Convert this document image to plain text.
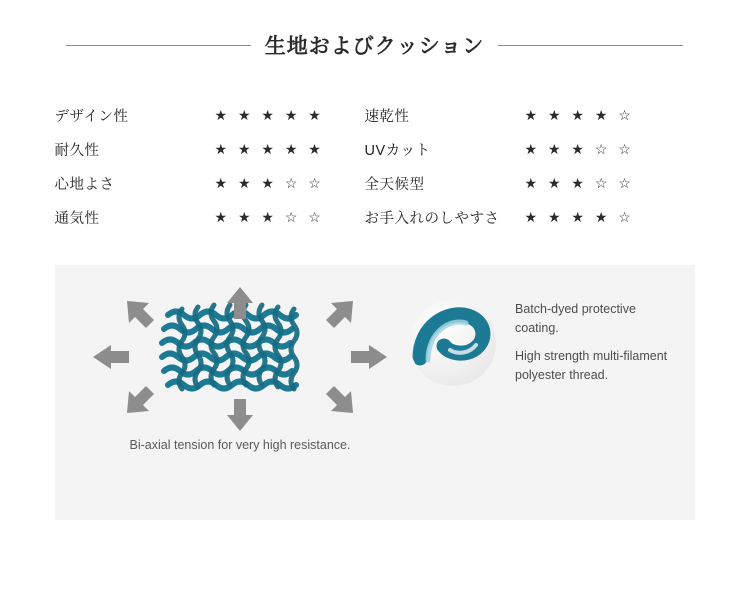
生地およびクッション
デザイン性	★ ★ ★ ★ ★	速乾性	★ ★ ★ ★ ☆
耐久性	★ ★ ★ ★ ★	UVカット	★ ★ ★ ☆ ☆
心地よさ	★ ★ ★ ☆ ☆	全天候型	★ ★ ★ ☆ ☆
通気性	★ ★ ★ ☆ ☆	お手入れのしやすさ	★ ★ ★ ★ ☆
Bi-axial tension for very high resistance.

Batch-dyed protective
coating.

High strength multi-filament
polyester thread.
